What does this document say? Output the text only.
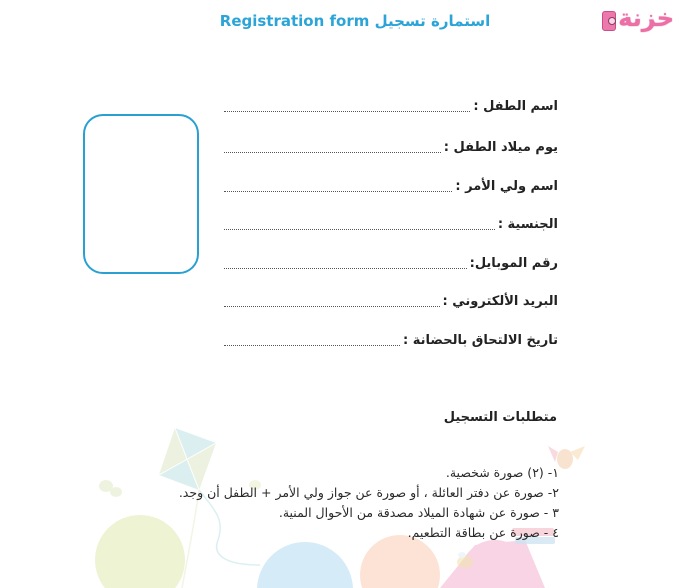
استمارة تسجيل Registration form	خزنة
اسم الطفل :
يوم ميلاد الطفل :
اسم ولي الأمر :
الجنسية :
رقم الموبايل:
البريد الألكتروني :
تاريخ الالتحاق بالحضانة :
متطلبات التسجيل
١- (٢) صورة شخصية.
٢- صورة عن دفتر العائلة ، أو صورة عن جواز ولي الأمر + الطفل أن وجد.
٣ - صورة عن شهادة الميلاد مصدقة من الأحوال المنية.
٤ - صورة عن بطاقة التطعيم.
